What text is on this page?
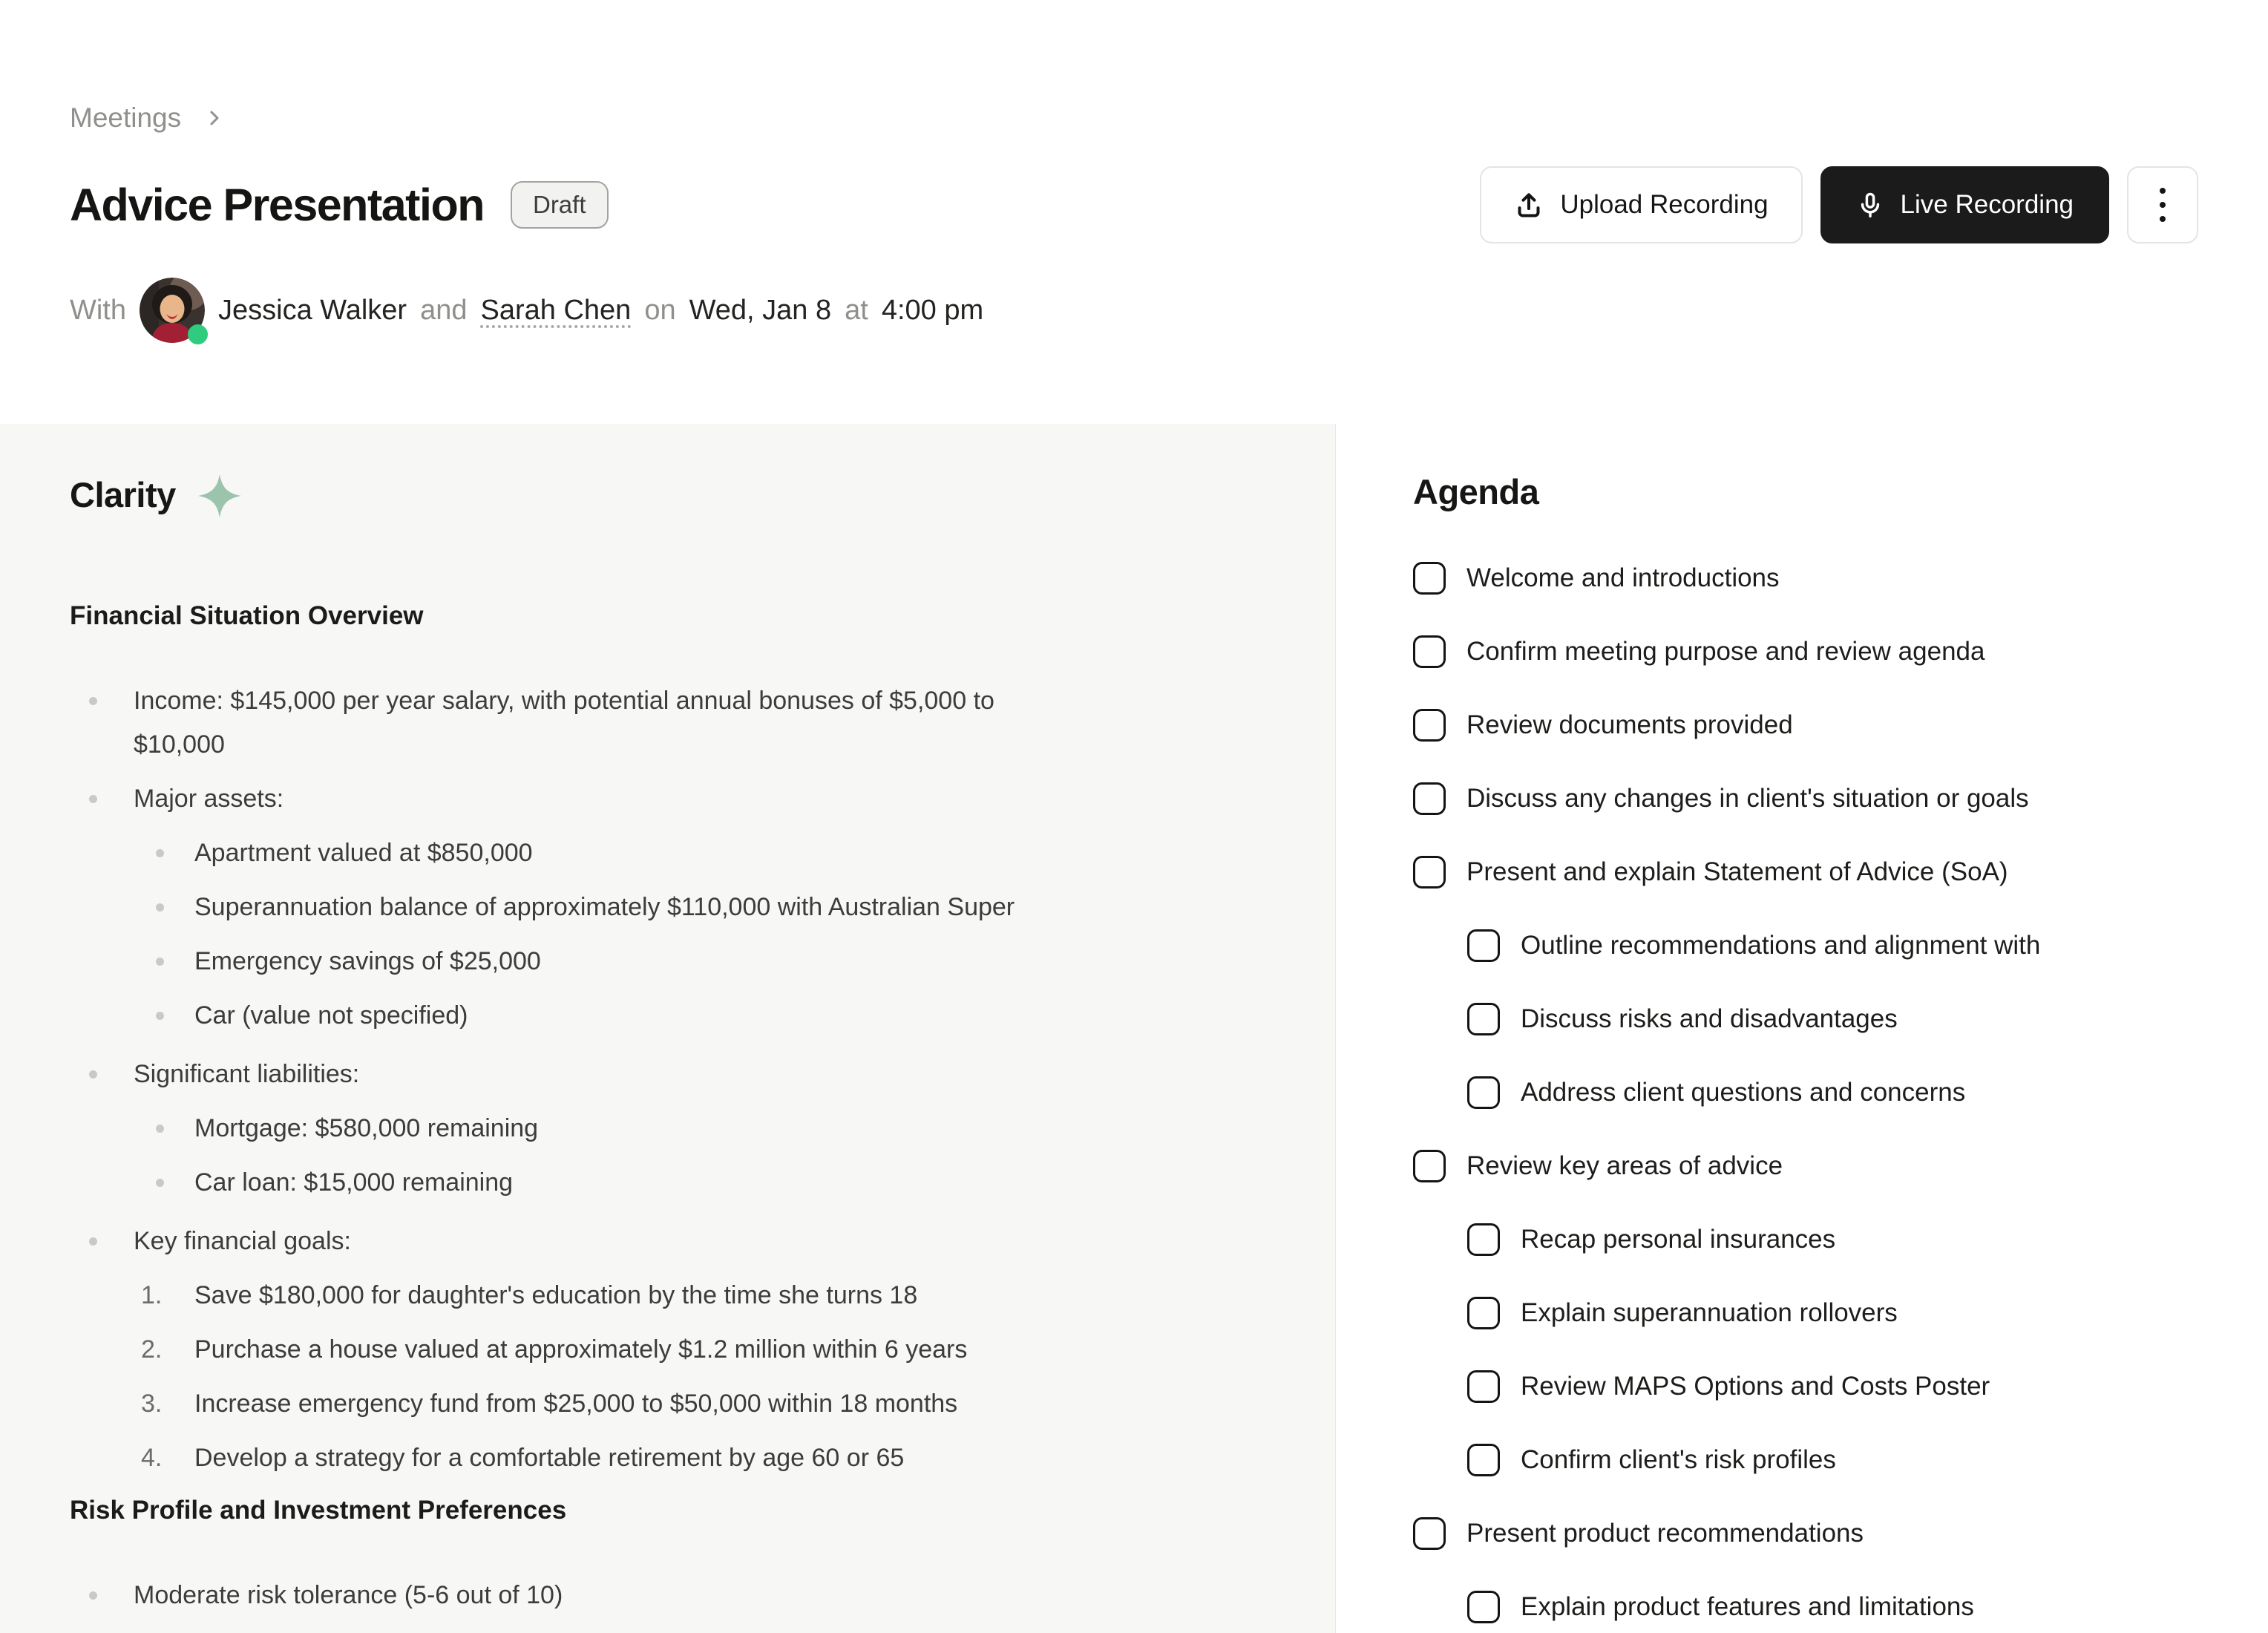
Meetings
Advice Presentation	Draft	Upload Recording	Live Recording
With	Jessica Walker and Sarah Chen on Wed, Jan 8 at 4:00 pm
Clarity
Financial Situation Overview
Income: $145,000 per year salary, with potential annual bonuses of $5,000 to $10,000
Major assets:
Apartment valued at $850,000
Superannuation balance of approximately $110,000 with Australian Super
Emergency savings of $25,000
Car (value not specified)
Significant liabilities:
Mortgage: $580,000 remaining
Car loan: $15,000 remaining
Key financial goals:
1. Save $180,000 for daughter's education by the time she turns 18
2. Purchase a house valued at approximately $1.2 million within 6 years
3. Increase emergency fund from $25,000 to $50,000 within 18 months
4. Develop a strategy for a comfortable retirement by age 60 or 65
Risk Profile and Investment Preferences
Moderate risk tolerance (5-6 out of 10)
Agenda
Welcome and introductions
Confirm meeting purpose and review agenda
Review documents provided
Discuss any changes in client's situation or goals
Present and explain Statement of Advice (SoA)
Outline recommendations and alignment with
Discuss risks and disadvantages
Address client questions and concerns
Review key areas of advice
Recap personal insurances
Explain superannuation rollovers
Review MAPS Options and Costs Poster
Confirm client's risk profiles
Present product recommendations
Explain product features and limitations
